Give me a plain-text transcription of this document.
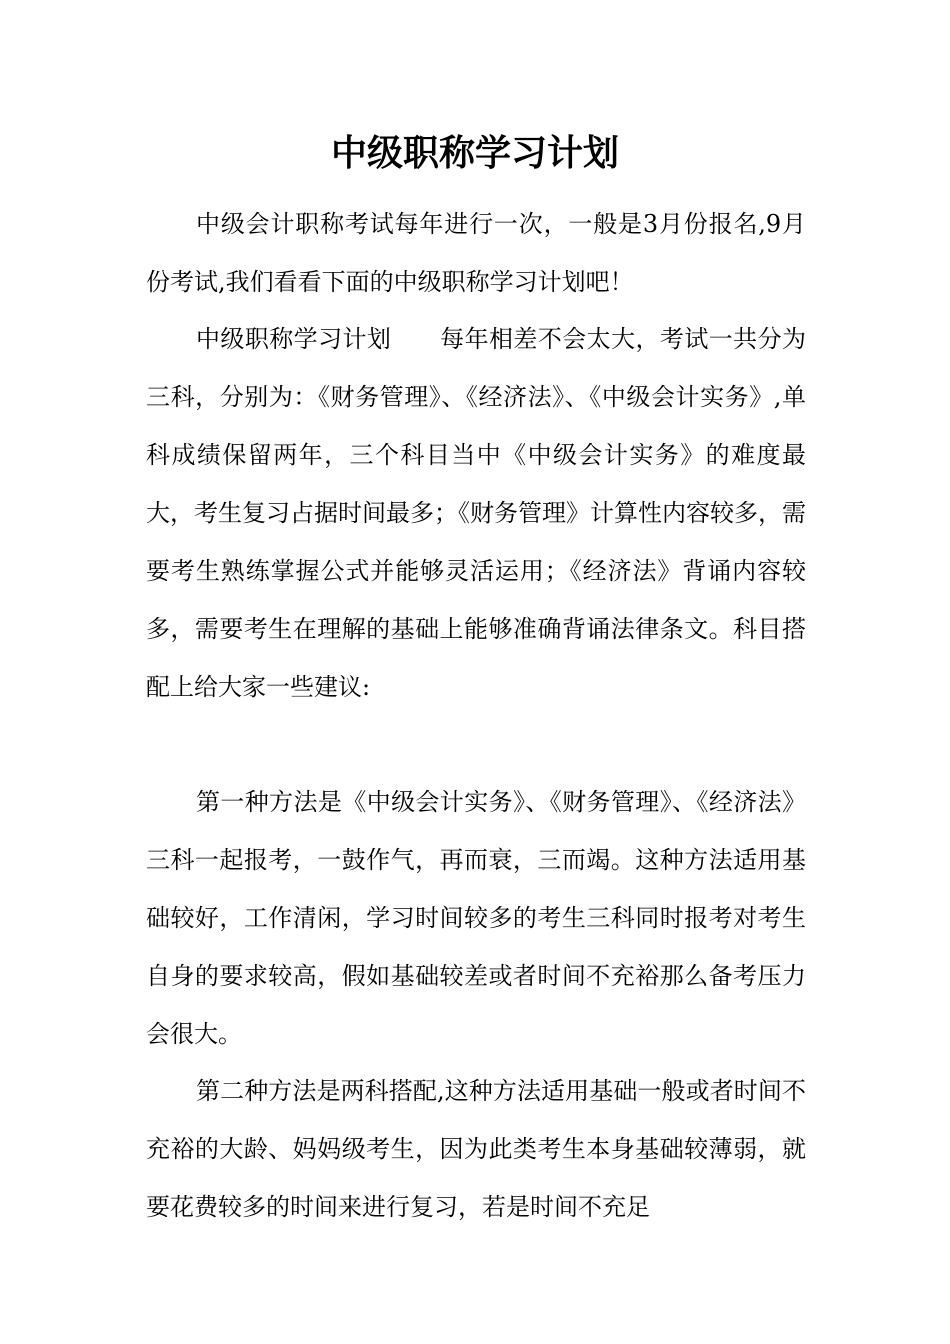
中级职称学习计划

中级会计职称考试每年进行一次，一般是3月份报名,9月份考试,我们看看下面的中级职称学习计划吧！

中级职称学习计划　　每年相差不会太大，考试一共分为三科，分别为：《财务管理》、《经济法》、《中级会计实务》,单科成绩保留两年，三个科目当中《中级会计实务》的难度最大，考生复习占据时间最多；《财务管理》计算性内容较多，需要考生熟练掌握公式并能够灵活运用；《经济法》背诵内容较多，需要考生在理解的基础上能够准确背诵法律条文。科目搭配上给大家一些建议:

第一种方法是《中级会计实务》、《财务管理》、《经济法》三科一起报考，一鼓作气，再而衰，三而竭。这种方法适用基础较好，工作清闲，学习时间较多的考生三科同时报考对考生自身的要求较高，假如基础较差或者时间不充裕那么备考压力会很大。

第二种方法是两科搭配,这种方法适用基础一般或者时间不充裕的大龄、妈妈级考生，因为此类考生本身基础较薄弱，就要花费较多的时间来进行复习，若是时间不充足
